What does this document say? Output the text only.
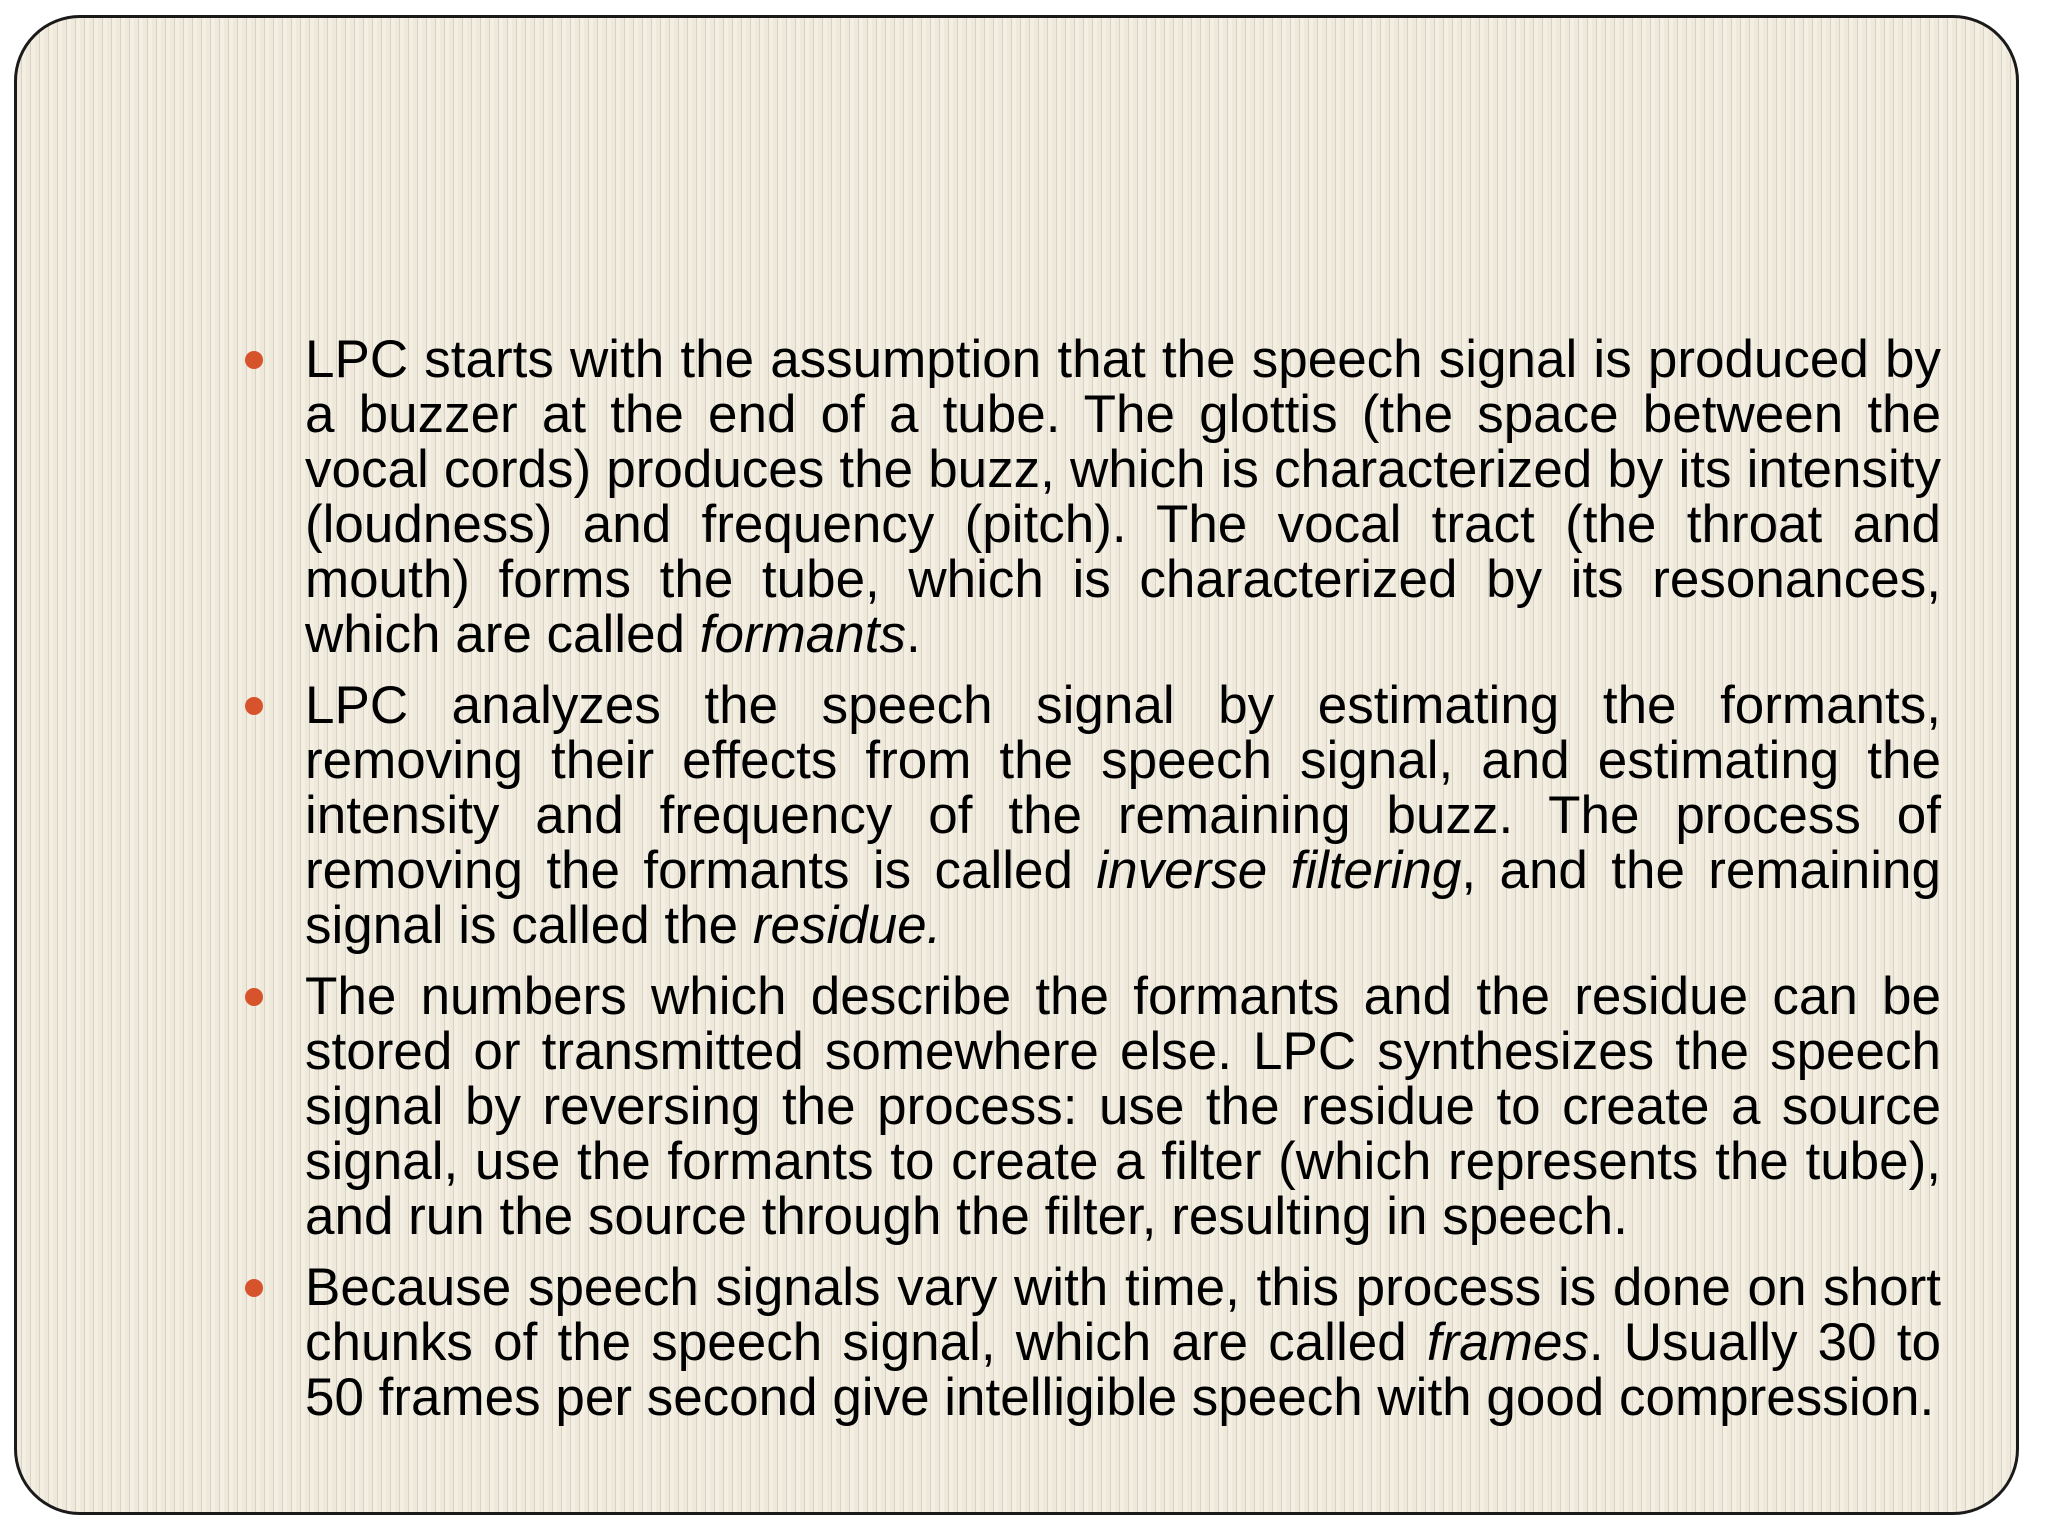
LPC starts with the assumption that the speech signal is produced by a buzzer at the end of a tube. The glottis (the space between the vocal cords) produces the buzz, which is characterized by its intensity (loudness) and frequency (pitch). The vocal tract (the throat and mouth) forms the tube, which is characterized by its resonances, which are called formants.
LPC analyzes the speech signal by estimating the formants, removing their effects from the speech signal, and estimating the intensity and frequency of the remaining buzz. The process of removing the formants is called inverse filtering, and the remaining signal is called the residue.
The numbers which describe the formants and the residue can be stored or transmitted somewhere else. LPC synthesizes the speech signal by reversing the process: use the residue to create a source signal, use the formants to create a filter (which represents the tube), and run the source through the filter, resulting in speech.
Because speech signals vary with time, this process is done on short chunks of the speech signal, which are called frames. Usually 30 to 50 frames per second give intelligible speech with good compression.
